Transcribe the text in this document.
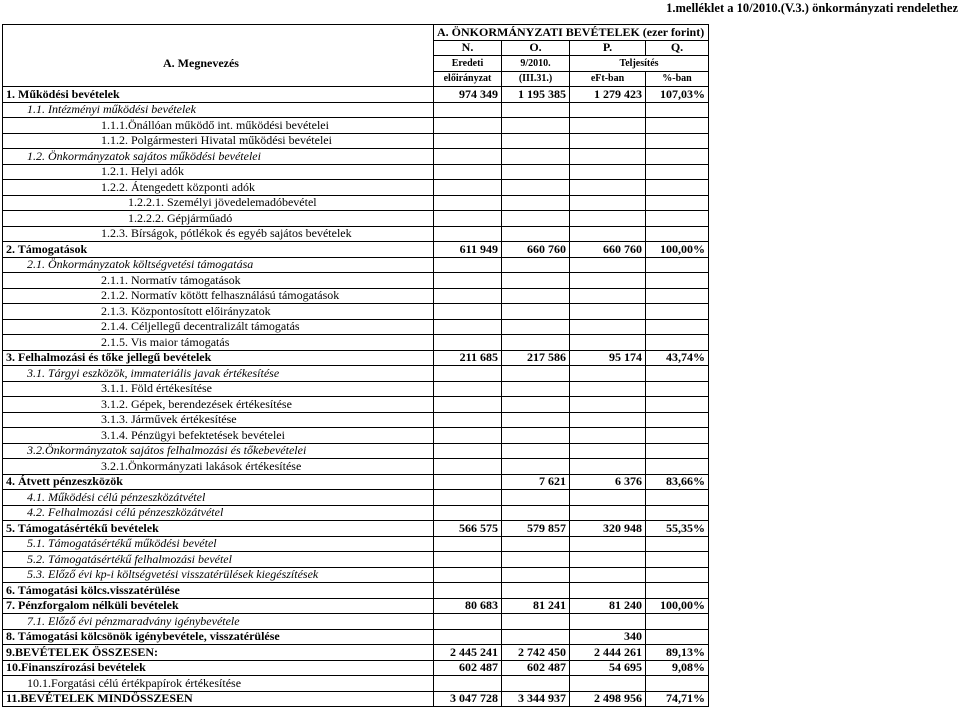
1.melléklet a 10/2010.(V.3.) önkormányzati rendelethez
	A. ÖNKORMÁNYZATI BEVÉTELEK (ezer forint)			
	N.	O.	P.	Q.
A. Megnevezés	Eredeti	9/2010.	Teljesítés	
	előirányzat	(III.31.)	eFt-ban	%-ban
1. Működési bevételek	974 349	1 195 385	1 279 423	107,03%
1.1. Intézményi működési bevételek				
1.1.1.Önállóan működő int. működési bevételei				
1.1.2. Polgármesteri Hivatal működési bevételei				
1.2. Önkormányzatok sajátos működési bevételei				
1.2.1. Helyi adók				
1.2.2. Átengedett központi adók				
1.2.2.1. Személyi jövedelemadóbevétel				
1.2.2.2. Gépjárműadó				
1.2.3. Bírságok, pótlékok és egyéb sajátos bevételek				
2. Támogatások	611 949	660 760	660 760	100,00%
2.1. Önkormányzatok költségvetési támogatása				
2.1.1. Normatív támogatások				
2.1.2. Normatív kötött felhasználású támogatások				
2.1.3. Központosított előirányzatok				
2.1.4. Céljellegű decentralizált támogatás				
2.1.5. Vis maior támogatás				
3. Felhalmozási és tőke jellegű bevételek	211 685	217 586	95 174	43,74%
3.1. Tárgyi eszközök, immateriális javak értékesítése				
3.1.1. Föld értékesítése				
3.1.2. Gépek, berendezések értékesítése				
3.1.3. Járművek értékesítése				
3.1.4. Pénzügyi befektetések bevételei				
3.2.Önkormányzatok sajátos felhalmozási és tőkebevételei				
3.2.1.Önkormányzati lakások értékesítése				
4. Átvett pénzeszközök		7 621	6 376	83,66%
4.1. Működési célú pénzeszközátvétel				
4.2. Felhalmozási célú pénzeszközátvétel				
5. Támogatásértékű bevételek	566 575	579 857	320 948	55,35%
5.1. Támogatásértékű működési bevétel				
5.2. Támogatásértékű felhalmozási bevétel				
5.3. Előző évi kp-i költségvetési visszatérülések kiegészítések				
6. Támogatási kölcs.visszatérülése				
7. Pénzforgalom nélküli bevételek	80 683	81 241	81 240	100,00%
7.1. Előző évi pénzmaradvány igénybevétele				
8. Támogatási kölcsönök igénybevétele, visszatérülése			340	
9.BEVÉTELEK ÖSSZESEN:	2 445 241	2 742 450	2 444 261	89,13%
10.Finanszírozási bevételek	602 487	602 487	54 695	9,08%
10.1.Forgatási célú értékpapírok értékesítése				
11.BEVÉTELEK MINDÖSSZESEN	3 047 728	3 344 937	2 498 956	74,71%
